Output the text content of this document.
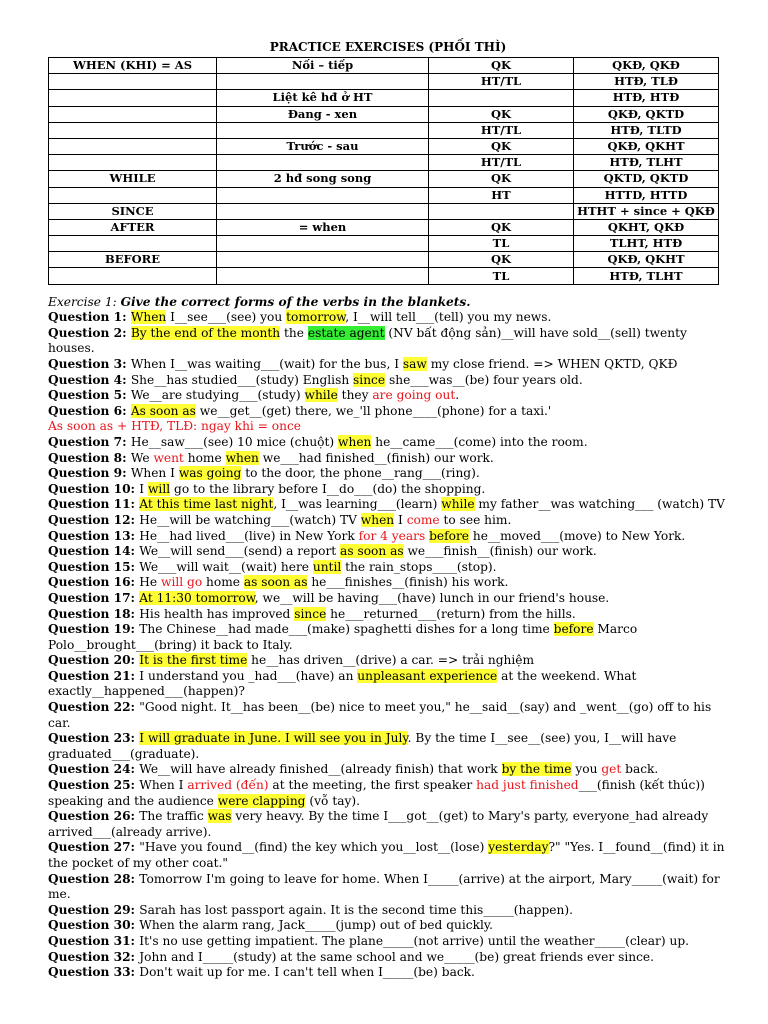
PRACTICE EXERCISES (PHỐI THÌ)
WHEN (KHI) = AS	Nối – tiếp	QK	QKĐ, QKĐ
		HT/TL	HTĐ, TLĐ
	Liệt kê hđ ở HT		HTĐ, HTĐ
	Đang - xen	QK	QKĐ, QKTD
		HT/TL	HTĐ, TLTD
	Trước - sau	QK	QKĐ, QKHT
		HT/TL	HTĐ, TLHT
WHILE	2 hđ song song	QK	QKTD, QKTD
		HT	HTTD, HTTD
SINCE			HTHT + since + QKĐ
AFTER	= when	QK	QKHT, QKĐ
		TL	TLHT, HTĐ
BEFORE		QK	QKĐ, QKHT
		TL	HTĐ, TLHT
Exercise 1: Give the correct forms of the verbs in the blankets.
Question 1: When I__see___(see) you tomorrow, I__will tell___(tell) you my news.
Question 2: By the end of the month the estate agent (NV bất động sản)__will have sold__(sell) twenty houses.
Question 3: When I__was waiting___(wait) for the bus, I saw my close friend. => WHEN QKTD, QKĐ
Question 4: She__has studied___(study) English since she___was__(be) four years old.
Question 5: We__are studying___(study) while they are going out.
Question 6: As soon as we__get__(get) there, we_'ll phone____(phone) for a taxi.'
As soon as + HTĐ, TLĐ: ngay khi = once
Question 7: He__saw___(see) 10 mice (chuột) when he__came___(come) into the room.
Question 8: We went home when we___had finished__(finish) our work.
Question 9: When I was going to the door, the phone__rang___(ring).
Question 10: I will go to the library before I__do___(do) the shopping.
Question 11: At this time last night, I__was learning___(learn) while my father__was watching___ (watch) TV
Question 12: He__will be watching___(watch) TV when I come to see him.
Question 13: He__had lived___(live) in New York for 4 years before he__moved___(move) to New York.
Question 14: We__will send___(send) a report as soon as we___finish__(finish) our work.
Question 15: We___will wait__(wait) here until the rain_stops____(stop).
Question 16: He will go home as soon as he___finishes__(finish) his work.
Question 17: At 11:30 tomorrow, we__will be having___(have) lunch in our friend's house.
Question 18: His health has improved since he___returned___(return) from the hills.
Question 19: The Chinese__had made___(make) spaghetti dishes for a long time before Marco Polo__brought___(bring) it back to Italy.
Question 20: It is the first time he__has driven__(drive) a car. => trải nghiệm
Question 21: I understand you _had___(have) an unpleasant experience at the weekend. What exactly__happened___(happen)?
Question 22: "Good night. It__has been__(be) nice to meet you," he__said__(say) and _went__(go) off to his car.
Question 23: I will graduate in June. I will see you in July. By the time I__see__(see) you, I__will have graduated___(graduate).
Question 24: We__will have already finished__(already finish) that work by the time you get back.
Question 25: When I arrived (đến) at the meeting, the first speaker had just finished___(finish (kết thúc)) speaking and the audience were clapping (vỗ tay).
Question 26: The traffic was very heavy. By the time I___got__(get) to Mary's party, everyone_had already arrived___(already arrive).
Question 27: "Have you found__(find) the key which you__lost__(lose) yesterday?" "Yes. I__found__(find) it in the pocket of my other coat."
Question 28: Tomorrow I'm going to leave for home. When I_____(arrive) at the airport, Mary_____(wait) for me.
Question 29: Sarah has lost passport again. It is the second time this_____(happen).
Question 30: When the alarm rang, Jack_____(jump) out of bed quickly.
Question 31: It's no use getting impatient. The plane_____(not arrive) until the weather_____(clear) up.
Question 32: John and I_____(study) at the same school and we_____(be) great friends ever since.
Question 33: Don't wait up for me. I can't tell when I_____(be) back.
